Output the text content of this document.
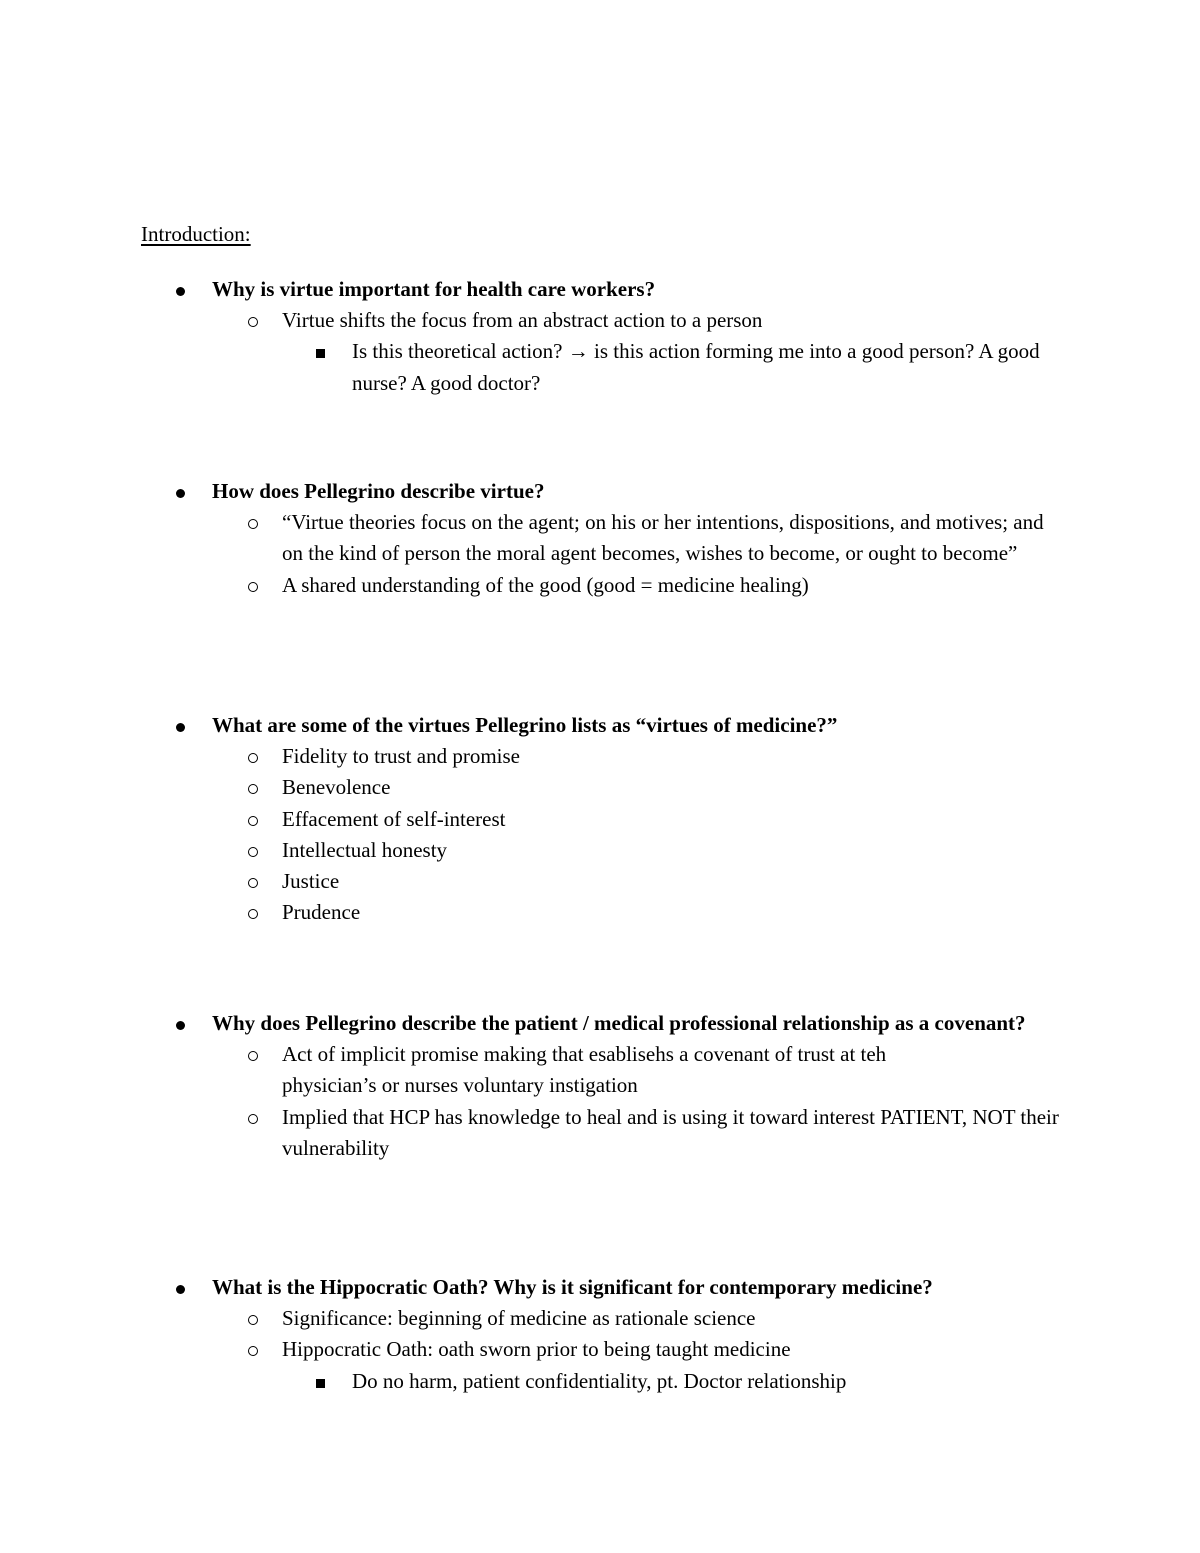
Introduction:
Why is virtue important for health care workers?
Virtue shifts the focus from an abstract action to a person
Is this theoretical action? → is this action forming me into a good person? A good nurse? A good doctor?
How does Pellegrino describe virtue?
“Virtue theories focus on the agent; on his or her intentions, dispositions, and motives; and on the kind of person the moral agent becomes, wishes to become, or ought to become”
A shared understanding of the good (good = medicine healing)
What are some of the virtues Pellegrino lists as “virtues of medicine?”
Fidelity to trust and promise
Benevolence
Effacement of self-interest
Intellectual honesty
Justice
Prudence
Why does Pellegrino describe the patient / medical professional relationship as a covenant?
Act of implicit promise making that esablisehs a covenant of trust at teh physician’s or nurses voluntary instigation
Implied that HCP has knowledge to heal and is using it toward interest PATIENT, NOT their vulnerability
What is the Hippocratic Oath? Why is it significant for contemporary medicine?
Significance: beginning of medicine as rationale science
Hippocratic Oath: oath sworn prior to being taught medicine
Do no harm, patient confidentiality, pt. Doctor relationship
